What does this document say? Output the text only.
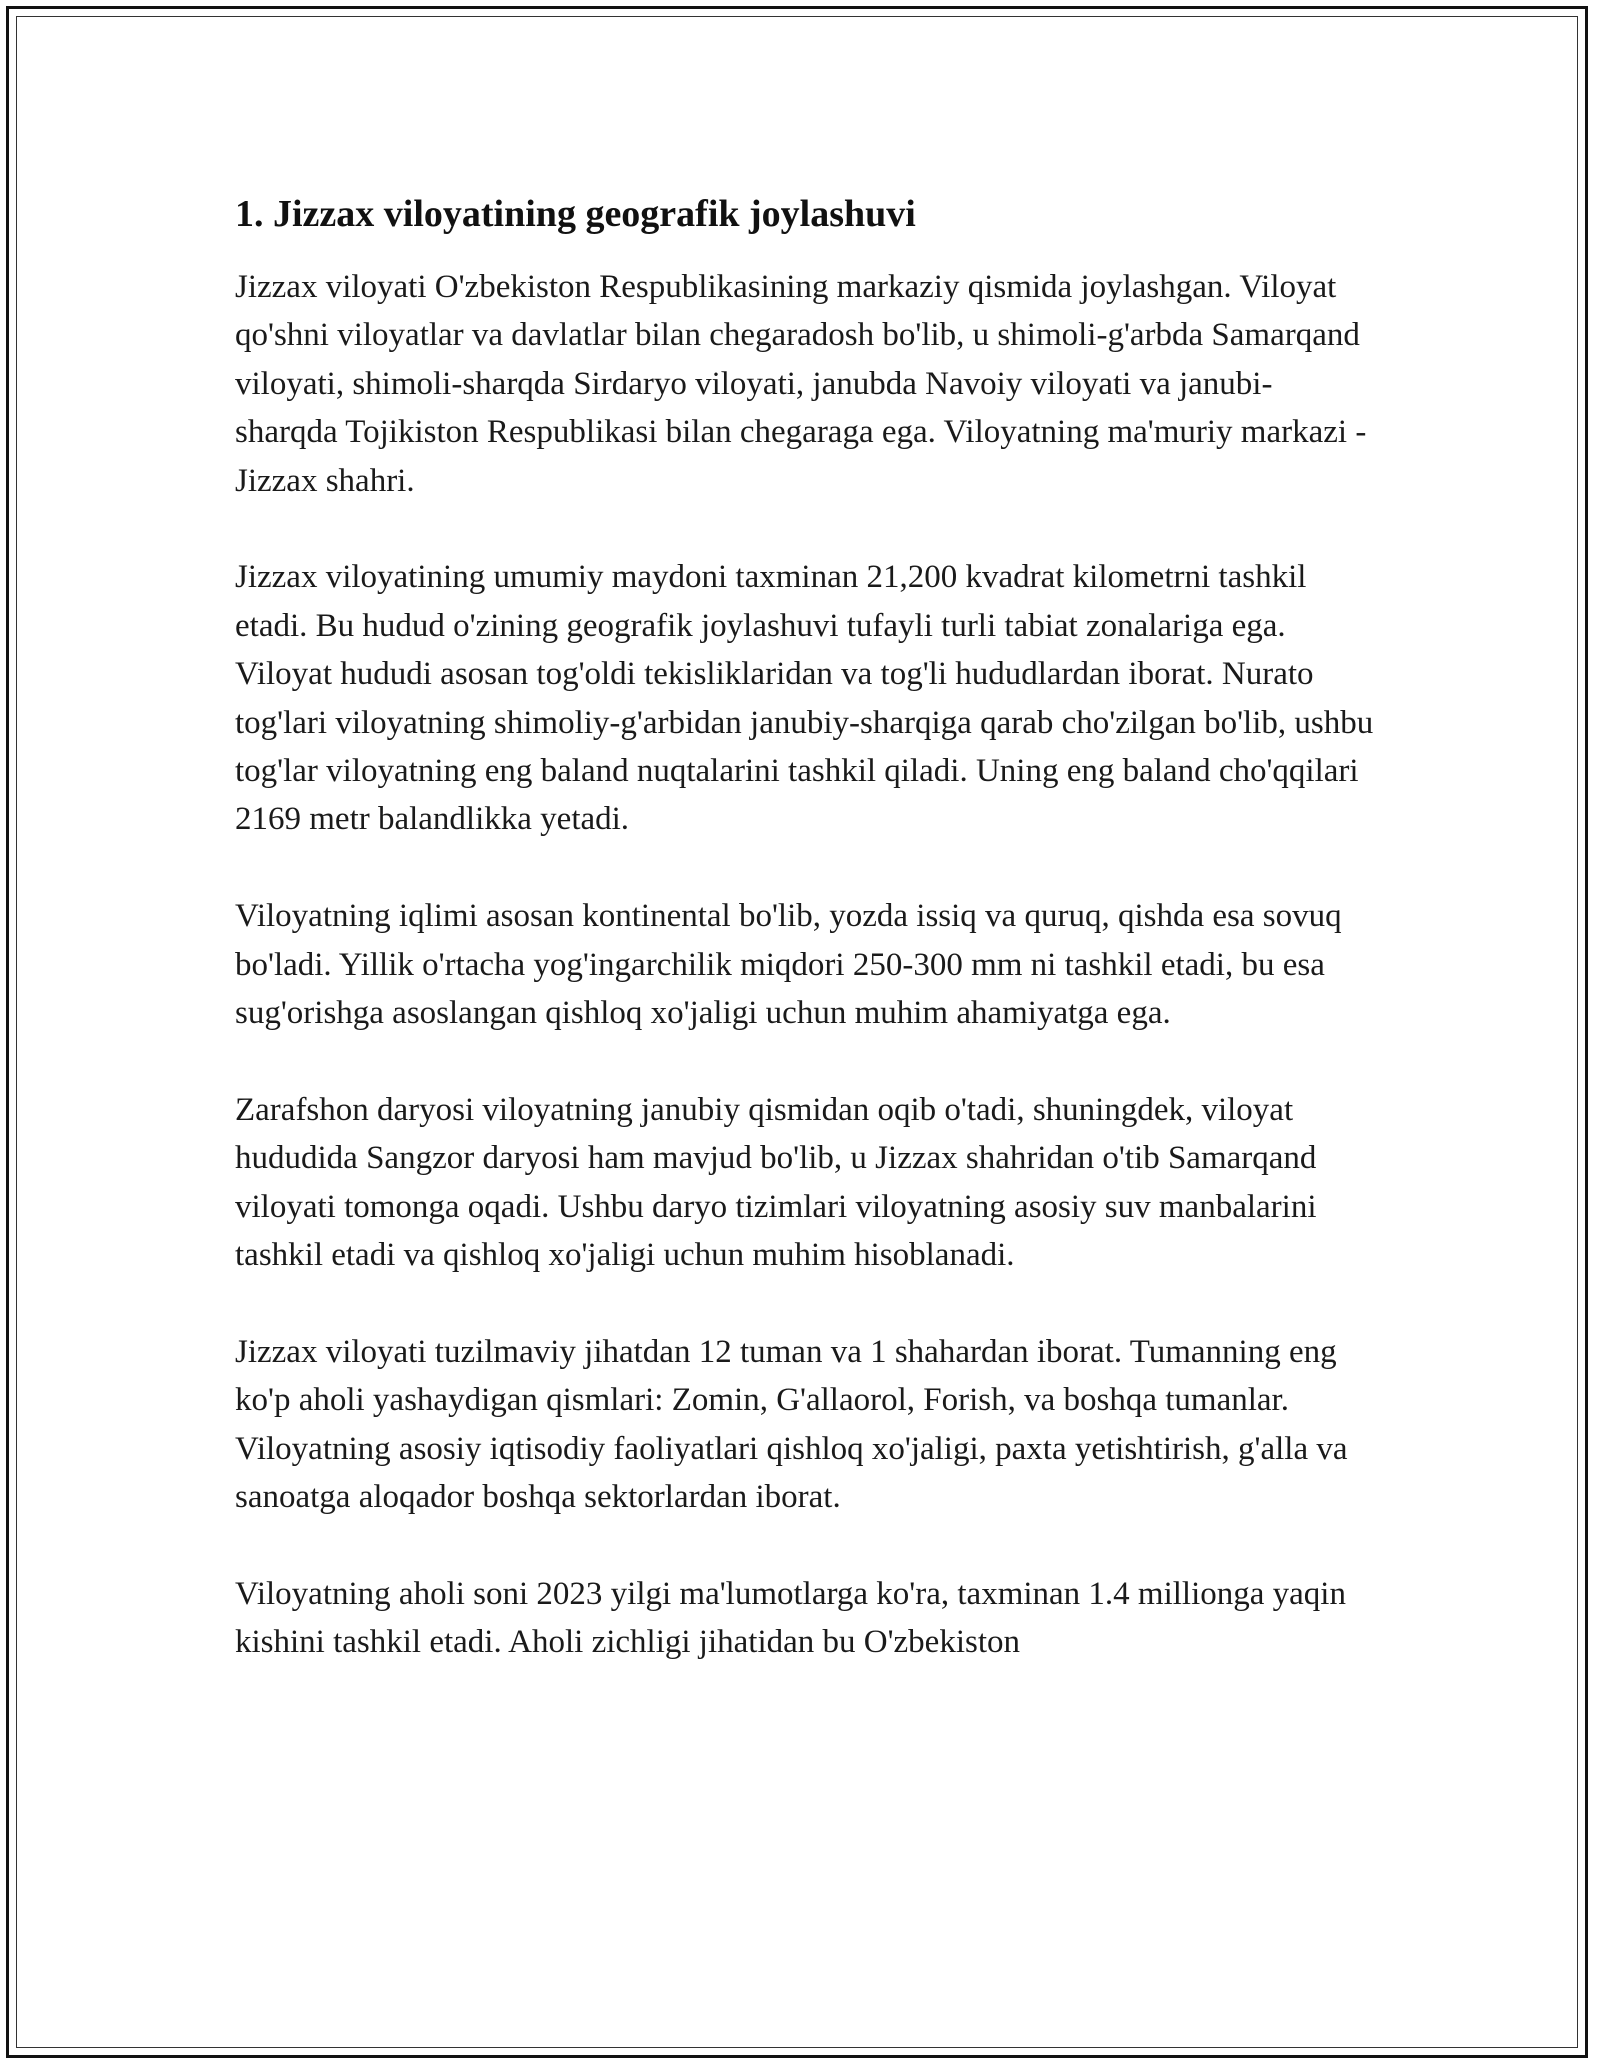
1. Jizzax viloyatining geografik joylashuvi

Jizzax viloyati O'zbekiston Respublikasining markaziy qismida joylashgan. Viloyat qo'shni viloyatlar va davlatlar bilan chegaradosh bo'lib, u shimoli-g'arbda Samarqand viloyati, shimoli-sharqda Sirdaryo viloyati, janubda Navoiy viloyati va janubi-sharqda Tojikiston Respublikasi bilan chegaraga ega. Viloyatning ma'muriy markazi - Jizzax shahri.

Jizzax viloyatining umumiy maydoni taxminan 21,200 kvadrat kilometrni tashkil etadi. Bu hudud o'zining geografik joylashuvi tufayli turli tabiat zonalariga ega. Viloyat hududi asosan tog'oldi tekisliklaridan va tog'li hududlardan iborat. Nurato tog'lari viloyatning shimoliy-g'arbidan janubiy-sharqiga qarab cho'zilgan bo'lib, ushbu tog'lar viloyatning eng baland nuqtalarini tashkil qiladi. Uning eng baland cho'qqilari 2169 metr balandlikka yetadi.

Viloyatning iqlimi asosan kontinental bo'lib, yozda issiq va quruq, qishda esa sovuq bo'ladi. Yillik o'rtacha yog'ingarchilik miqdori 250-300 mm ni tashkil etadi, bu esa sug'orishga asoslangan qishloq xo'jaligi uchun muhim ahamiyatga ega.

Zarafshon daryosi viloyatning janubiy qismidan oqib o'tadi, shuningdek, viloyat hududida Sangzor daryosi ham mavjud bo'lib, u Jizzax shahridan o'tib Samarqand viloyati tomonga oqadi. Ushbu daryo tizimlari viloyatning asosiy suv manbalarini tashkil etadi va qishloq xo'jaligi uchun muhim hisoblanadi.

Jizzax viloyati tuzilmaviy jihatdan 12 tuman va 1 shahardan iborat. Tumanning eng ko'p aholi yashaydigan qismlari: Zomin, G'allaorol, Forish, va boshqa tumanlar. Viloyatning asosiy iqtisodiy faoliyatlari qishloq xo'jaligi, paxta yetishtirish, g'alla va sanoatga aloqador boshqa sektorlardan iborat.

Viloyatning aholi soni 2023 yilgi ma'lumotlarga ko'ra, taxminan 1.4 millionga yaqin kishini tashkil etadi. Aholi zichligi jihatidan bu O'zbekiston
